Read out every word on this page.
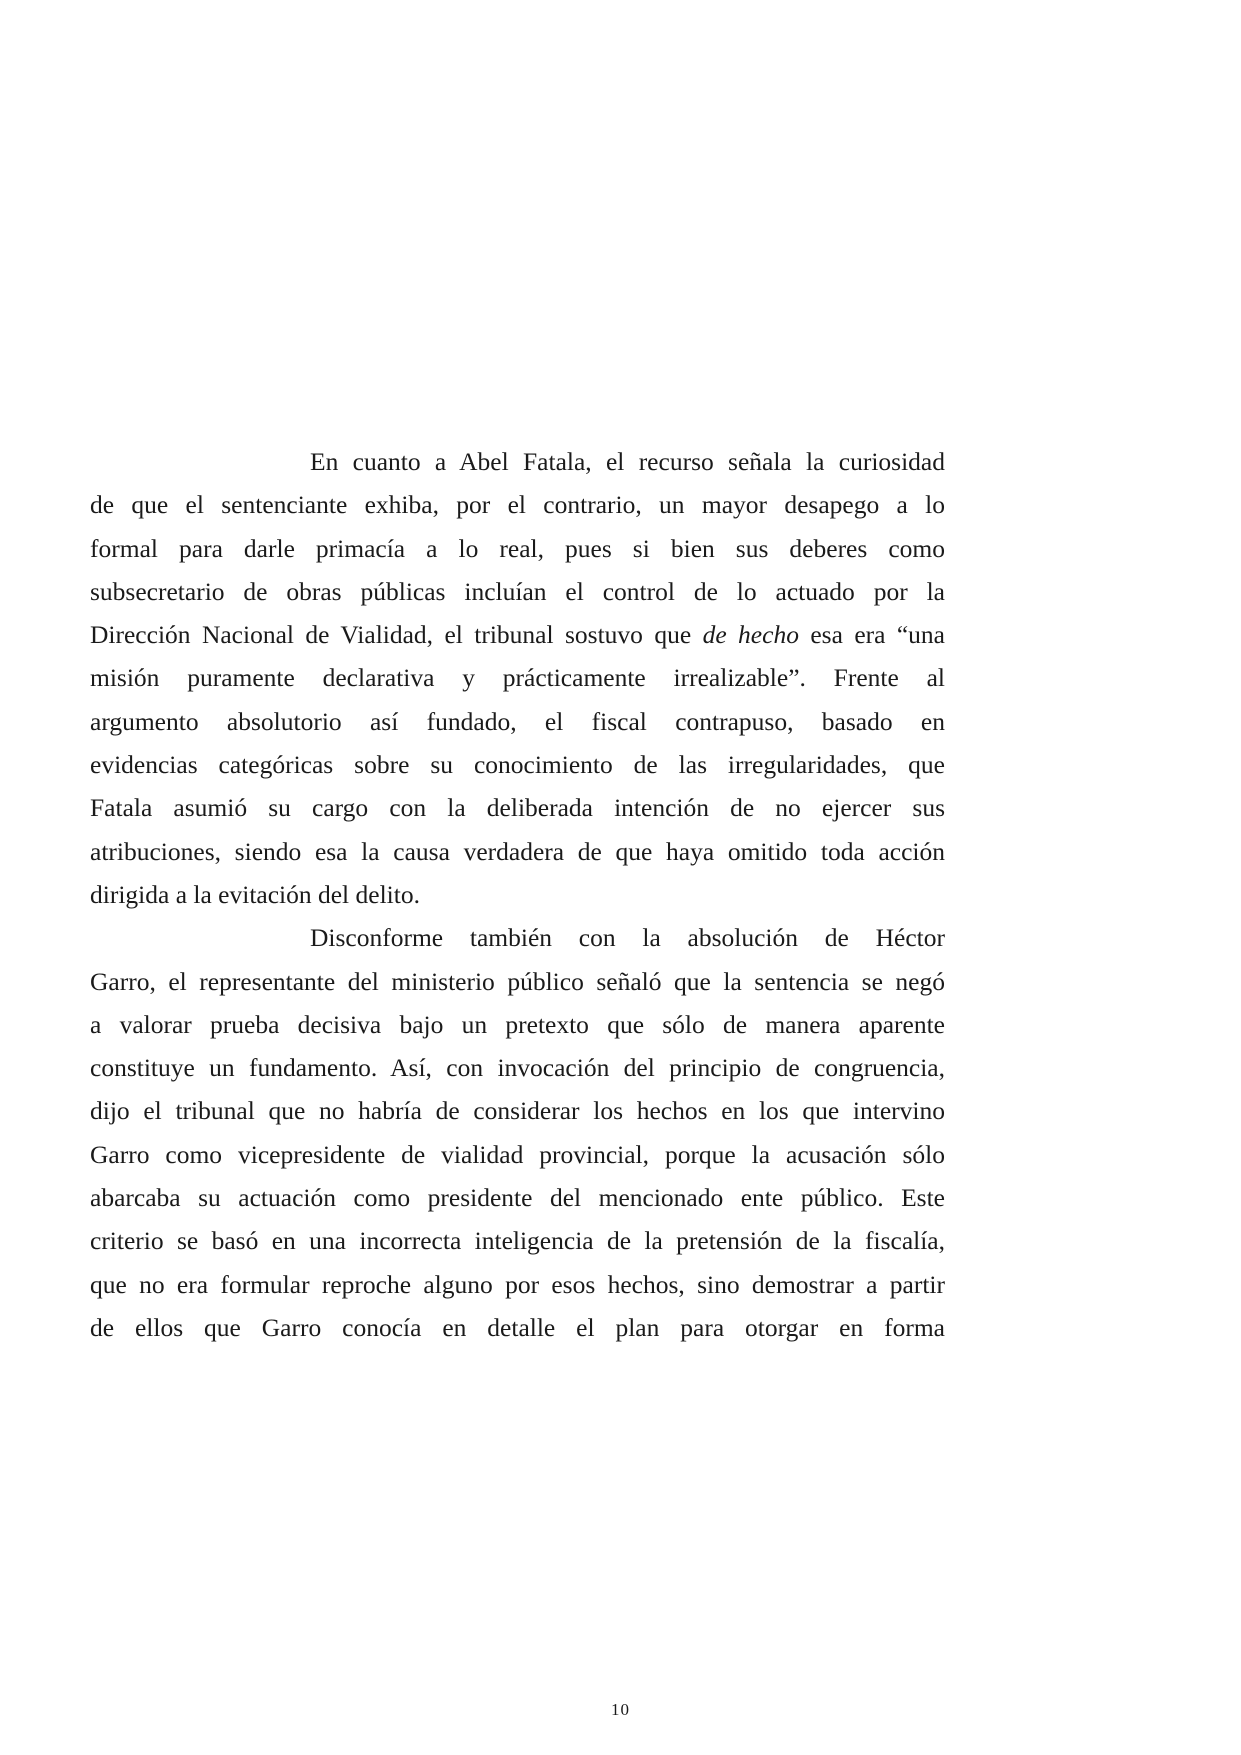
En cuanto a Abel Fatala, el recurso señala la curiosidad
de que el sentenciante exhiba, por el contrario, un mayor desapego a lo
formal para darle primacía a lo real, pues si bien sus deberes como
subsecretario de obras públicas incluían el control de lo actuado por la
Dirección Nacional de Vialidad, el tribunal sostuvo que de hecho esa era “una
misión puramente declarativa y prácticamente irrealizable”. Frente al
argumento absolutorio así fundado, el fiscal contrapuso, basado en
evidencias categóricas sobre su conocimiento de las irregularidades, que
Fatala asumió su cargo con la deliberada intención de no ejercer sus
atribuciones, siendo esa la causa verdadera de que haya omitido toda acción
dirigida a la evitación del delito.
Disconforme también con la absolución de Héctor
Garro, el representante del ministerio público señaló que la sentencia se negó
a valorar prueba decisiva bajo un pretexto que sólo de manera aparente
constituye un fundamento. Así, con invocación del principio de congruencia,
dijo el tribunal que no habría de considerar los hechos en los que intervino
Garro como vicepresidente de vialidad provincial, porque la acusación sólo
abarcaba su actuación como presidente del mencionado ente público. Este
criterio se basó en una incorrecta inteligencia de la pretensión de la fiscalía,
que no era formular reproche alguno por esos hechos, sino demostrar a partir
de ellos que Garro conocía en detalle el plan para otorgar en forma
10
